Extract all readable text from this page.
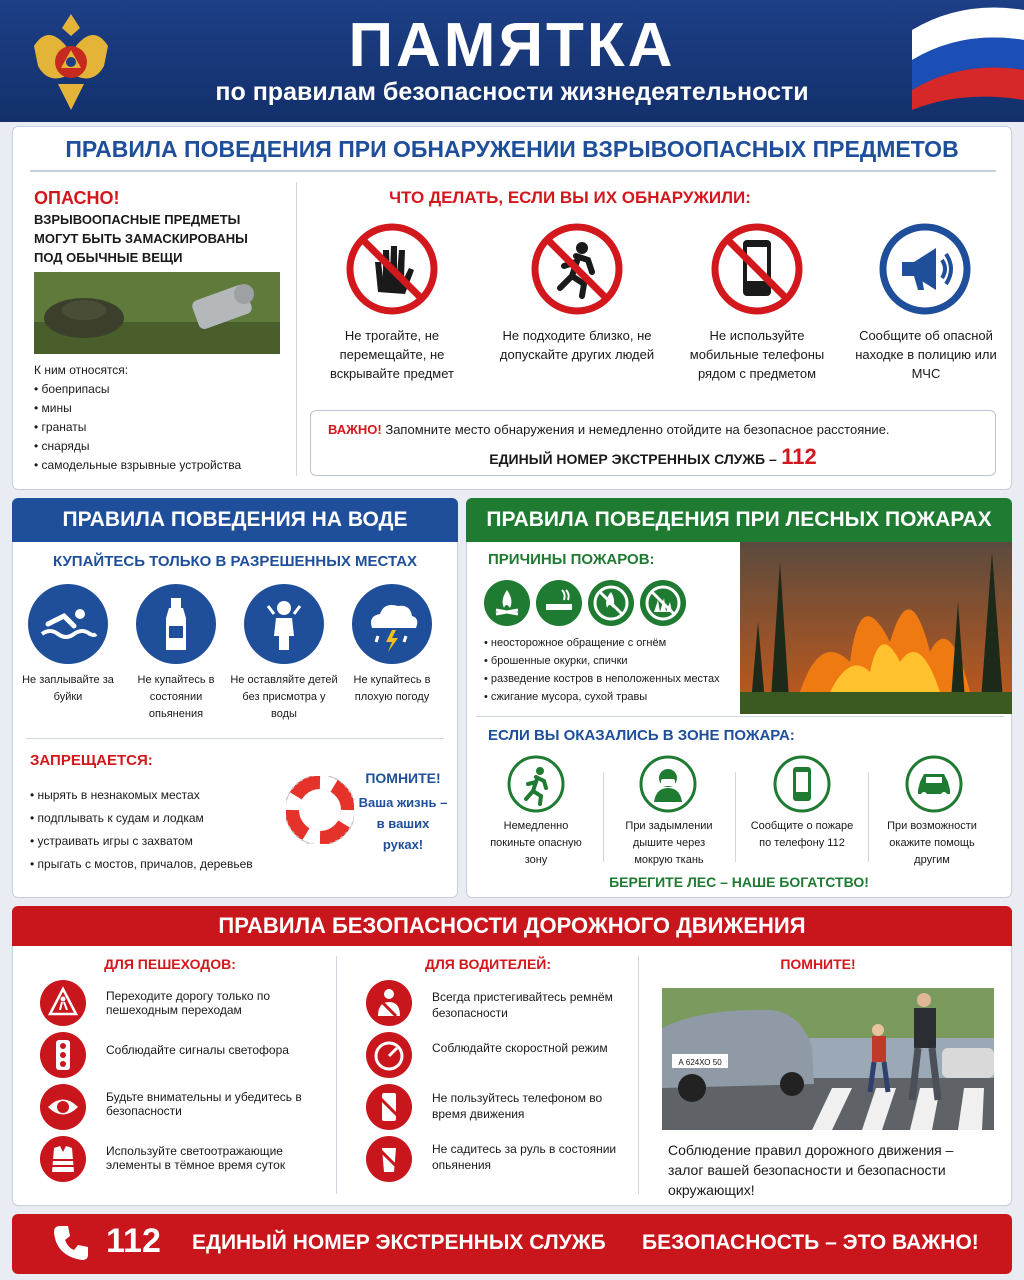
ПАМЯТКА
по правилам безопасности жизнедеятельности
ПРАВИЛА ПОВЕДЕНИЯ ПРИ ОБНАРУЖЕНИИ ВЗРЫВООПАСНЫХ ПРЕДМЕТОВ
ОПАСНО!
ВЗРЫВООПАСНЫЕ ПРЕДМЕТЫ МОГУТ БЫТЬ ЗАМАСКИРОВАНЫ ПОД ОБЫЧНЫЕ ВЕЩИ
К ним относятся:
• боеприпасы
• мины
• гранаты
• снаряды
• самодельные взрывные устройства
ЧТО ДЕЛАТЬ, ЕСЛИ ВЫ ИХ ОБНАРУЖИЛИ:
Не трогайте, не перемещайте, не вскрывайте предмет
Не подходите близко, не допускайте других людей
Не используйте мобильные телефоны рядом с предметом
Сообщите об опасной находке в полицию или МЧС
ВАЖНО! Запомните место обнаружения и немедленно отойдите на безопасное расстояние.
ЕДИНЫЙ НОМЕР ЭКСТРЕННЫХ СЛУЖБ – 112
ПРАВИЛА ПОВЕДЕНИЯ НА ВОДЕ
КУПАЙТЕСЬ ТОЛЬКО В РАЗРЕШЕННЫХ МЕСТАХ
Не заплывайте за буйки
Не купайтесь в состоянии опьянения
Не оставляйте детей без присмотра у воды
Не купайтесь в плохую погоду
ЗАПРЕЩАЕТСЯ:
• нырять в незнакомых местах
• подплывать к судам и лодкам
• устраивать игры с захватом
• прыгать с мостов, причалов, деревьев
ПОМНИТЕ!
Ваша жизнь – в ваших руках!
ПРАВИЛА ПОВЕДЕНИЯ ПРИ ЛЕСНЫХ ПОЖАРАХ
ПРИЧИНЫ ПОЖАРОВ:
• неосторожное обращение с огнём
• брошенные окурки, спички
• разведение костров в неположенных местах
• сжигание мусора, сухой травы
ЕСЛИ ВЫ ОКАЗАЛИСЬ В ЗОНЕ ПОЖАРА:
Немедленно покиньте опасную зону
При задымлении дышите через мокрую ткань
Сообщите о пожаре по телефону 112
При возможности окажите помощь другим
БЕРЕГИТЕ ЛЕС – НАШЕ БОГАТСТВО!
ПРАВИЛА БЕЗОПАСНОСТИ ДОРОЖНОГО ДВИЖЕНИЯ
ДЛЯ ПЕШЕХОДОВ:	ДЛЯ ВОДИТЕЛЕЙ:	ПОМНИТЕ!
Переходите дорогу только по пешеходным переходам
Соблюдайте сигналы светофора
Будьте внимательны и убедитесь в безопасности
Используйте светоотражающие элементы в тёмное время суток
Всегда пристегивайтесь ремнём безопасности
Соблюдайте скоростной режим
Не пользуйтесь телефоном во время движения
Не садитесь за руль в состоянии опьянения
А 624ХО 50
Соблюдение правил дорожного движения – залог вашей безопасности и безопасности окружающих!
112 ЕДИНЫЙ НОМЕР ЭКСТРЕННЫХ СЛУЖБ БЕЗОПАСНОСТЬ – ЭТО ВАЖНО!
